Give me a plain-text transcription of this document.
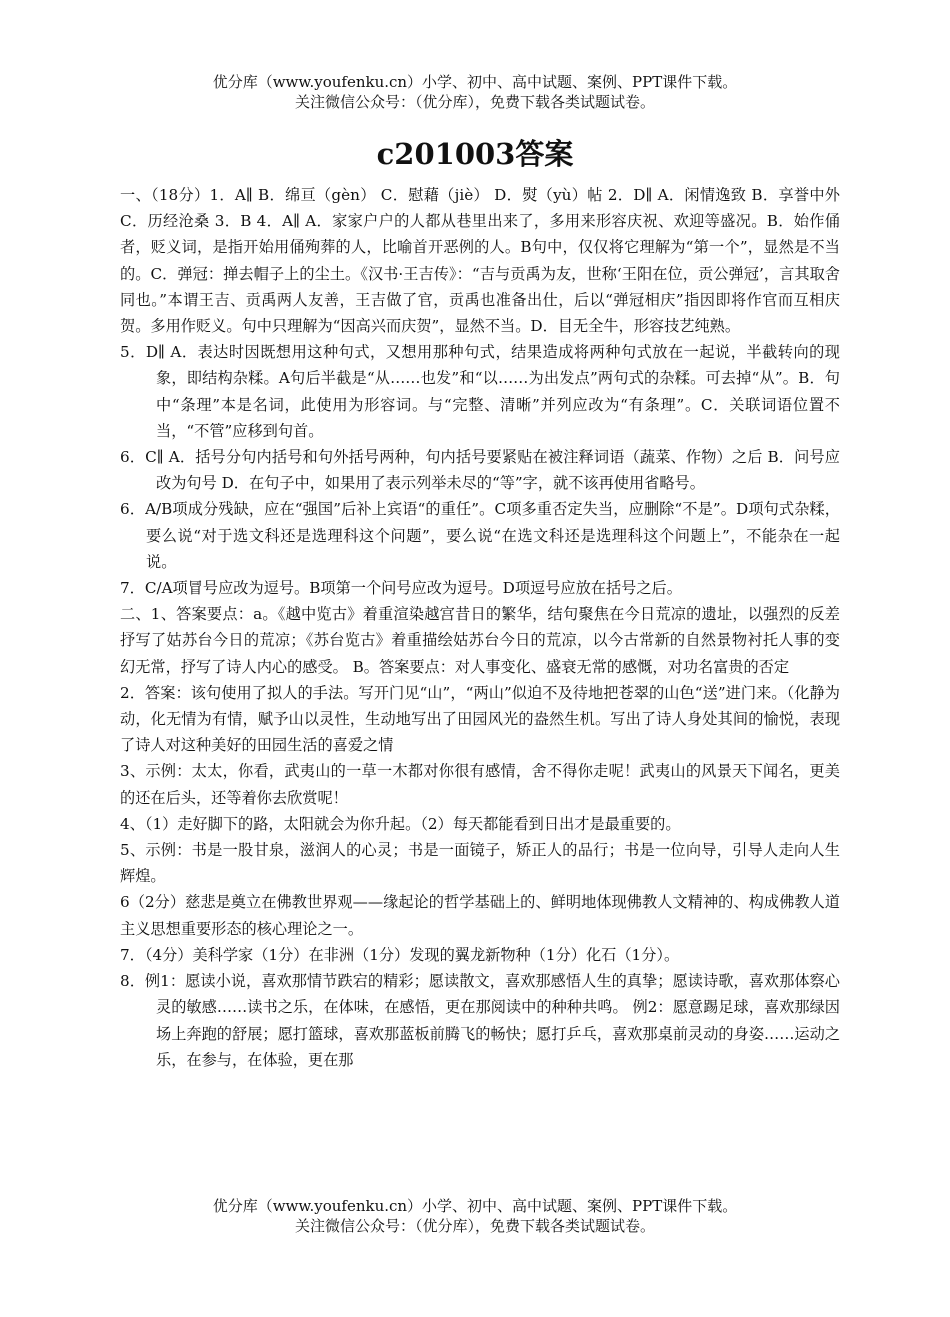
优分库（www.youfenku.cn）小学、初中、高中试题、案例、PPT课件下载。
关注微信公众号：（优分库），免费下载各类试题试卷。
c201003答案

一、（18分）1．A∥ B．绵亘（gèn） C．慰藉（jiè） D．熨（yù）帖 2．D∥ A．闲情逸致 B．享誉中外 C．历经沧桑 3．B 4．A∥ A．家家户户的人都从巷里出来了，多用来形容庆祝、欢迎等盛况。B．始作俑者，贬义词，是指开始用俑殉葬的人，比喻首开恶例的人。B句中，仅仅将它理解为“第一个”，显然是不当的。C．弹冠：掸去帽子上的尘土。《汉书·王吉传》：“吉与贡禹为友，世称‘王阳在位，贡公弹冠’，言其取舍同也。”本谓王吉、贡禹两人友善，王吉做了官，贡禹也准备出仕，后以“弹冠相庆”指因即将作官而互相庆贺。多用作贬义。句中只理解为“因高兴而庆贺”，显然不当。D．目无全牛，形容技艺纯熟。

5．D∥ A．表达时因既想用这种句式，又想用那种句式，结果造成将两种句式放在一起说，半截转向的现象，即结构杂糅。A句后半截是“从……也发”和“以……为出发点”两句式的杂糅。可去掉“从”。B．句中“条理”本是名词，此使用为形容词。与“完整、清晰”并列应改为“有条理”。C．关联词语位置不当，“不管”应移到句首。

6．C∥ A．括号分句内括号和句外括号两种，句内括号要紧贴在被注释词语（蔬菜、作物）之后 B．问号应改为句号 D．在句子中，如果用了表示列举未尽的“等”字，就不该再使用省略号。

6．A/B项成分残缺，应在“强国”后补上宾语“的重任”。C项多重否定失当，应删除“不是”。D项句式杂糅，要么说“对于选文科还是选理科这个问题”，要么说“在选文科还是选理科这个问题上”，不能杂在一起说。

7．C/A项冒号应改为逗号。B项第一个问号应改为逗号。D项逗号应放在括号之后。

二、1、答案要点：a。《越中览古》着重渲染越宫昔日的繁华，结句聚焦在今日荒凉的遗址，以强烈的反差抒写了姑苏台今日的荒凉；《苏台览古》着重描绘姑苏台今日的荒凉，以今古常新的自然景物衬托人事的变幻无常，抒写了诗人内心的感受。 B。答案要点：对人事变化、盛衰无常的感慨，对功名富贵的否定

2．答案：该句使用了拟人的手法。写开门见“山”，“两山”似迫不及待地把苍翠的山色“送”进门来。（化静为动，化无情为有情，赋予山以灵性，生动地写出了田园风光的盎然生机。写出了诗人身处其间的愉悦，表现了诗人对这种美好的田园生活的喜爱之情

3、示例：太太，你看，武夷山的一草一木都对你很有感情，舍不得你走呢！武夷山的风景天下闻名，更美的还在后头，还等着你去欣赏呢！

4、（1）走好脚下的路，太阳就会为你升起。（2）每天都能看到日出才是最重要的。

5、示例：书是一股甘泉，滋润人的心灵；书是一面镜子，矫正人的品行；书是一位向导，引导人走向人生辉煌。

6（2分）慈悲是奠立在佛教世界观——缘起论的哲学基础上的、鲜明地体现佛教人文精神的、构成佛教人道主义思想重要形态的核心理论之一。

7．（4分）美科学家（1分）在非洲（1分）发现的翼龙新物种（1分）化石（1分）。

8．例1：愿读小说，喜欢那情节跌宕的精彩；愿读散文，喜欢那感悟人生的真挚；愿读诗歌，喜欢那体察心灵的敏感……读书之乐，在体味，在感悟，更在那阅读中的种种共鸣。 例2：愿意踢足球，喜欢那绿因场上奔跑的舒展；愿打篮球，喜欢那蓝板前腾飞的畅快；愿打乒乓，喜欢那桌前灵动的身姿……运动之乐，在参与，在体验，更在那

优分库（www.youfenku.cn）小学、初中、高中试题、案例、PPT课件下载。
关注微信公众号：（优分库），免费下载各类试题试卷。
